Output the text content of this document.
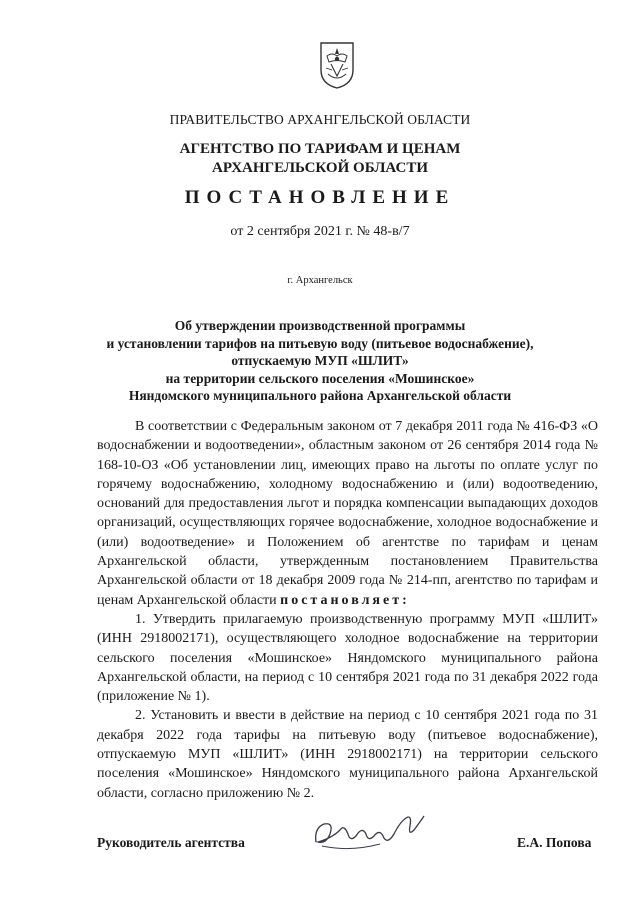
ПРАВИТЕЛЬСТВО АРХАНГЕЛЬСКОЙ ОБЛАСТИ
АГЕНТСТВО ПО ТАРИФАМ И ЦЕНАМ
АРХАНГЕЛЬСКОЙ ОБЛАСТИ
ПОСТАНОВЛЕНИЕ
от 2 сентября 2021 г. № 48-в/7
г. Архангельск
Об утверждении производственной программы
и установлении тарифов на питьевую воду (питьевое водоснабжение),
отпускаемую МУП «ШЛИТ»
на территории сельского поселения «Мошинское»
Няндомского муниципального района Архангельской области

В соответствии с Федеральным законом от 7 декабря 2011 года № 416-ФЗ «О водоснабжении и водоотведении», областным законом от 26 сентября 2014 года № 168-10-ОЗ «Об установлении лиц, имеющих право на льготы по оплате услуг по горячему водоснабжению, холодному водоснабжению и (или) водоотведению, оснований для предоставления льгот и порядка компенсации выпадающих доходов организаций, осуществляющих горячее водоснабжение, холодное водоснабжение и (или) водоотведение» и Положением об агентстве по тарифам и ценам Архангельской области, утвержденным постановлением Правительства Архангельской области от 18 декабря 2009 года № 214-пп, агентство по тарифам и ценам Архангельской области постановляет:

1. Утвердить прилагаемую производственную программу МУП «ШЛИТ» (ИНН 2918002171), осуществляющего холодное водоснабжение на территории сельского поселения «Мошинское» Няндомского муниципального района Архангельской области, на период с 10 сентября 2021 года по 31 декабря 2022 года (приложение № 1).

2. Установить и ввести в действие на период с 10 сентября 2021 года по 31 декабря 2022 года тарифы на питьевую воду (питьевое водоснабжение), отпускаемую МУП «ШЛИТ» (ИНН 2918002171) на территории сельского поселения «Мошинское» Няндомского муниципального района Архангельской области, согласно приложению № 2.

Руководитель агентства	Е.А. Попова
